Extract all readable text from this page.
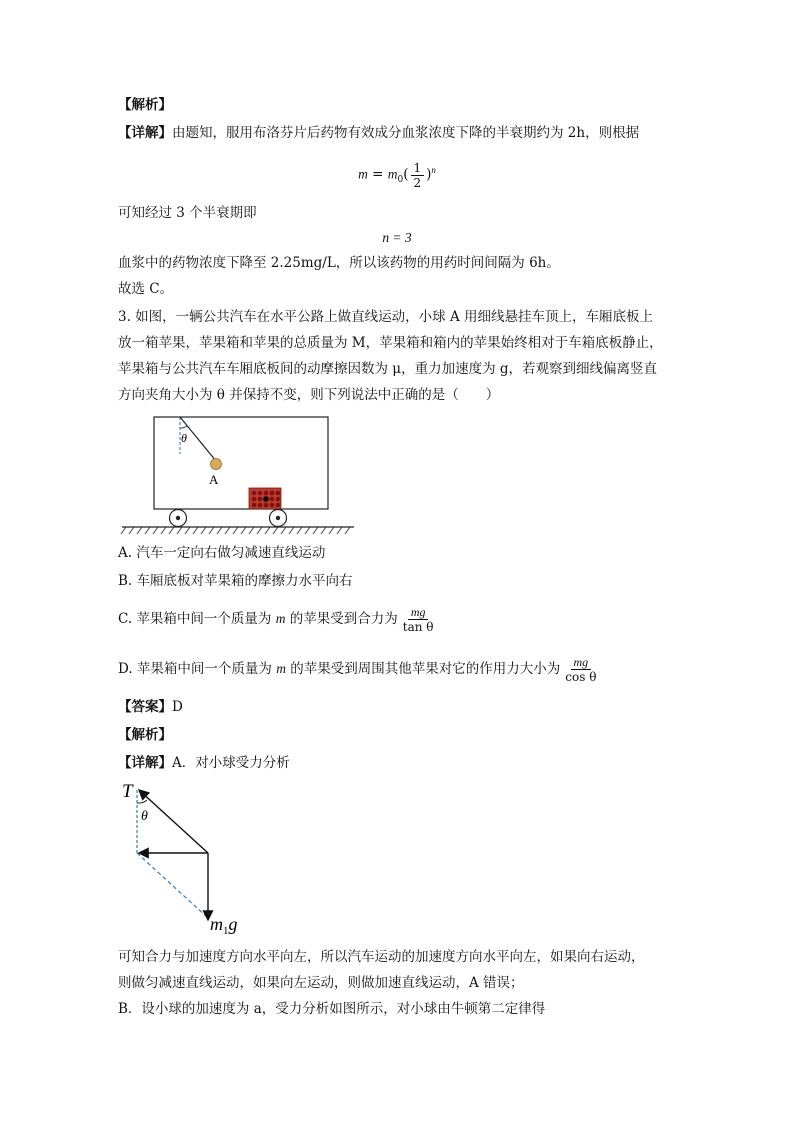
【解析】
【详解】由题知，服用布洛芬片后药物有效成分血浆浓度下降的半衰期约为 2h，则根据
$m = m_0( \frac{1}{2} )^n$
可知经过 3 个半衰期即
n = 3
血浆中的药物浓度下降至 2.25mg/L，所以该药物的用药时间间隔为 6h。
故选 C。
3. 如图，一辆公共汽车在水平公路上做直线运动，小球 A 用细线悬挂车顶上，车厢底板上
放一箱苹果，苹果箱和苹果的总质量为 M，苹果箱和箱内的苹果始终相对于车箱底板静止，
苹果箱与公共汽车车厢底板间的动摩擦因数为 μ，重力加速度为 g，若观察到细线偏离竖直
方向夹角大小为 θ 并保持不变，则下列说法中正确的是（　　）
θ
A
A. 汽车一定向右做匀减速直线运动
B. 车厢底板对苹果箱的摩擦力水平向右
C. 苹果箱中间一个质量为 m 的苹果受到合力为 $\frac{mg}{\text{tan θ}}$
D. 苹果箱中间一个质量为 m 的苹果受到周围其他苹果对它的作用力大小为 $\frac{mg}{\text{cos θ}}$
【答案】D
【解析】
【详解】A．对小球受力分析
T
θ
$m_1g$
可知合力与加速度方向水平向左，所以汽车运动的加速度方向水平向左，如果向右运动，
则做匀减速直线运动，如果向左运动，则做加速直线运动，A 错误；
B．设小球的加速度为 a，受力分析如图所示，对小球由牛顿第二定律得
